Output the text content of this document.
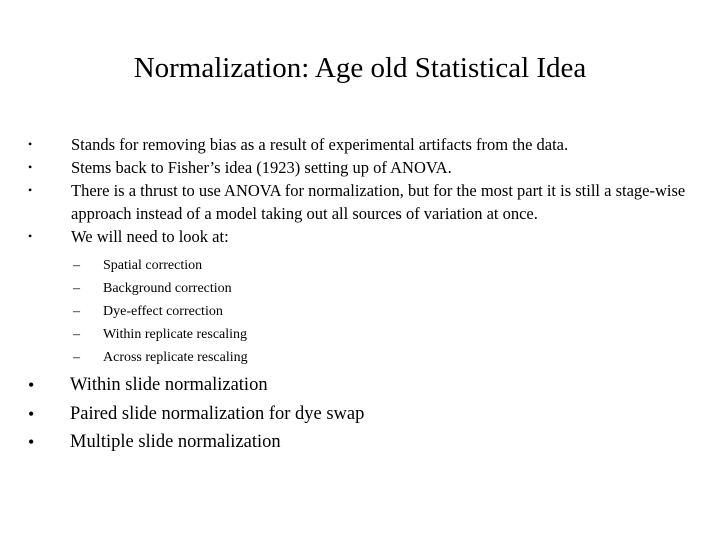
Normalization: Age old Statistical Idea
• Stands for removing bias as a result of experimental artifacts from the data.
• Stems back to Fisher’s idea (1923) setting up of ANOVA.
• There is a thrust to use ANOVA for normalization, but for the most part it is still a stage-wise approach instead of a model taking out all sources of variation at once.
• We will need to look at:
– Spatial correction
– Background correction
– Dye-effect correction
– Within replicate rescaling
– Across replicate rescaling
• Within slide normalization
• Paired slide normalization for dye swap
• Multiple slide normalization
